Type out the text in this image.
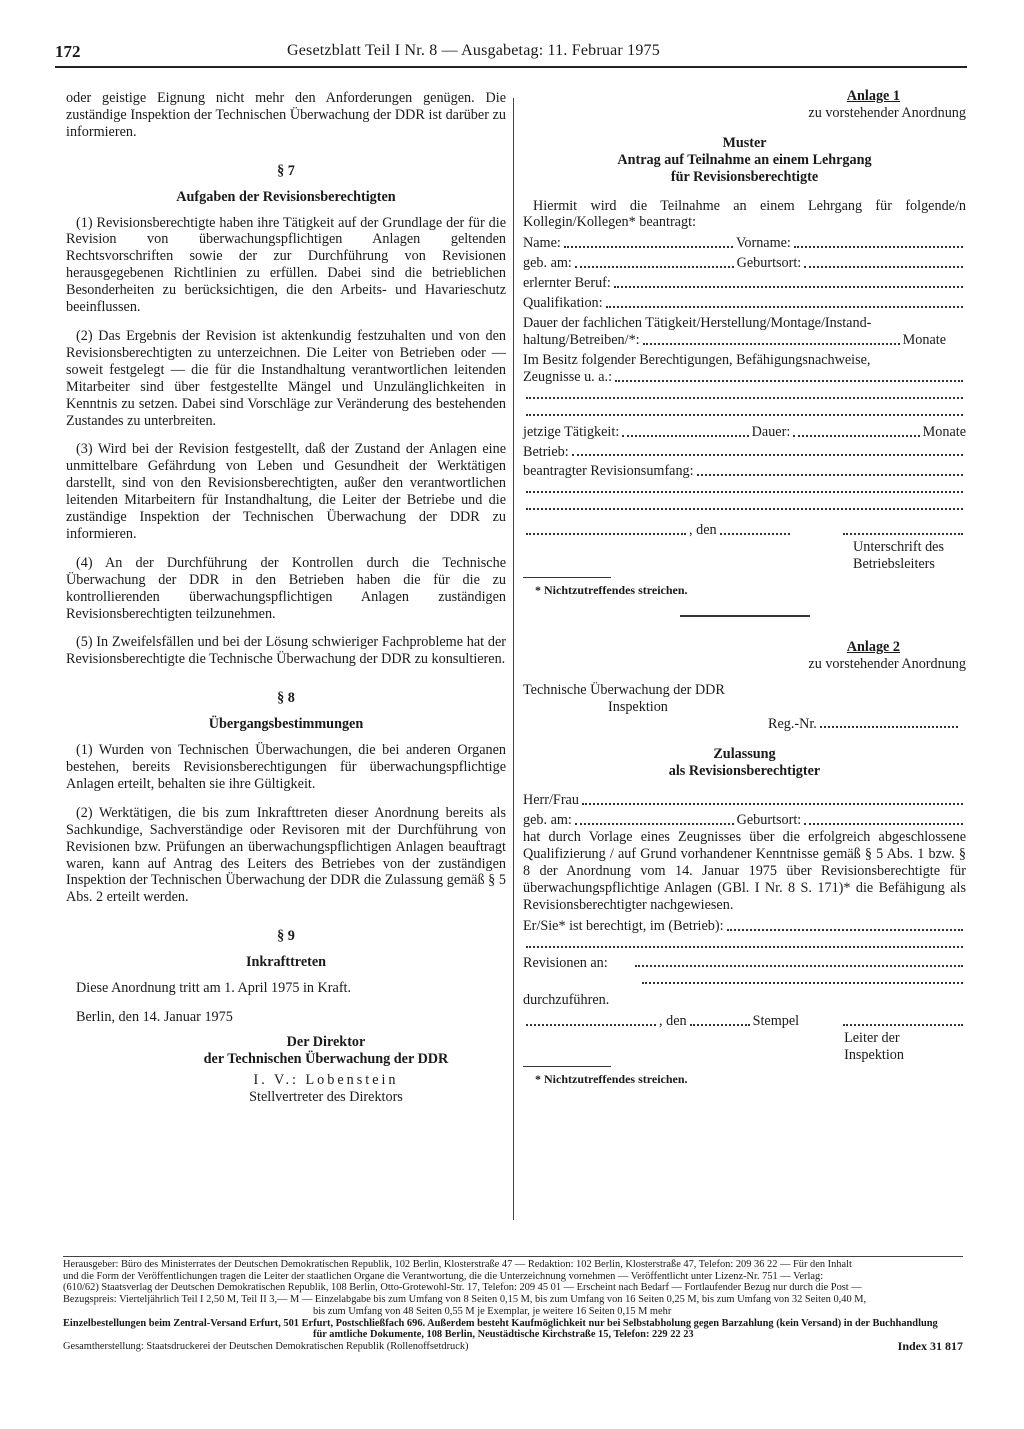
172	Gesetzblatt Teil I Nr. 8 — Ausgabetag: 11. Februar 1975

oder geistige Eignung nicht mehr den Anforderungen genügen. Die zuständige Inspektion der Technischen Überwachung der DDR ist darüber zu informieren.

§ 7

Aufgaben der Revisionsberechtigten

(1) Revisionsberechtigte haben ihre Tätigkeit auf der Grundlage der für die Revision von überwachungspflichtigen Anlagen geltenden Rechtsvorschriften sowie der zur Durchführung von Revisionen herausgegebenen Richtlinien zu erfüllen. Dabei sind die betrieblichen Besonderheiten zu berücksichtigen, die den Arbeits- und Havarieschutz beeinflussen.

(2) Das Ergebnis der Revision ist aktenkundig festzuhalten und von den Revisionsberechtigten zu unterzeichnen. Die Leiter von Betrieben oder — soweit festgelegt — die für die Instandhaltung verantwortlichen leitenden Mitarbeiter sind über festgestellte Mängel und Unzulänglichkeiten in Kenntnis zu setzen. Dabei sind Vorschläge zur Veränderung des bestehenden Zustandes zu unterbreiten.

(3) Wird bei der Revision festgestellt, daß der Zustand der Anlagen eine unmittelbare Gefährdung von Leben und Gesundheit der Werktätigen darstellt, sind von den Revisionsberechtigten, außer den verantwortlichen leitenden Mitarbeitern für Instandhaltung, die Leiter der Betriebe und die zuständige Inspektion der Technischen Überwachung der DDR zu informieren.

(4) An der Durchführung der Kontrollen durch die Technische Überwachung der DDR in den Betrieben haben die für die zu kontrollierenden überwachungspflichtigen Anlagen zuständigen Revisionsberechtigten teilzunehmen.

(5) In Zweifelsfällen und bei der Lösung schwieriger Fachprobleme hat der Revisionsberechtigte die Technische Überwachung der DDR zu konsultieren.

§ 8

Übergangsbestimmungen

(1) Wurden von Technischen Überwachungen, die bei anderen Organen bestehen, bereits Revisionsberechtigungen für überwachungspflichtige Anlagen erteilt, behalten sie ihre Gültigkeit.

(2) Werktätigen, die bis zum Inkrafttreten dieser Anordnung bereits als Sachkundige, Sachverständige oder Revisoren mit der Durchführung von Revisionen bzw. Prüfungen an überwachungspflichtigen Anlagen beauftragt waren, kann auf Antrag des Leiters des Betriebes von der zuständigen Inspektion der Technischen Überwachung der DDR die Zulassung gemäß § 5 Abs. 2 erteilt werden.

§ 9

Inkrafttreten

Diese Anordnung tritt am 1. April 1975 in Kraft.

Berlin, den 14. Januar 1975

Der Direktor

der Technischen Überwachung der DDR

I. V.: Lobenstein

Stellvertreter des Direktors

Anlage 1

zu vorstehender Anordnung

Muster

Antrag auf Teilnahme an einem Lehrgang

für Revisionsberechtigte

Hiermit wird die Teilnahme an einem Lehrgang für folgende/n Kollegin/Kollegen* beantragt:

Name:	Vorname:
geb. am:	Geburtsort:
erlernter Beruf:
Qualifikation:

Dauer der fachlichen Tätigkeit/Herstellung/Montage/Instand-

haltung/Betreiben/*:	Monate

Im Besitz folgender Berechtigungen, Befähigungsnachweise,

Zeugnisse u. a.:
jetzige Tätigkeit:	Dauer:	Monate
Betrieb:
beantragter Revisionsumfang:
, den

Unterschrift des

Betriebsleiters

* Nichtzutreffendes streichen.

Anlage 2

zu vorstehender Anordnung

Technische Überwachung der DDR

Inspektion

Reg.-Nr.

Zulassung

als Revisionsberechtigter

Herr/Frau
geb. am:	Geburtsort:

hat durch Vorlage eines Zeugnisses über die erfolgreich abgeschlossene Qualifizierung / auf Grund vorhandener Kenntnisse gemäß § 5 Abs. 1 bzw. § 8 der Anordnung vom 14. Januar 1975 über Revisionsberechtigte für überwachungspflichtige Anlagen (GBl. I Nr. 8 S. 171)* die Befähigung als Revisionsberechtigter nachgewiesen.

Er/Sie* ist berechtigt, im (Betrieb):
Revisionen an:

durchzuführen.

, den	Stempel

Leiter der

Inspektion

* Nichtzutreffendes streichen.

Herausgeber: Büro des Ministerrates der Deutschen Demokratischen Republik, 102 Berlin, Klosterstraße 47 — Redaktion: 102 Berlin, Klosterstraße 47, Telefon: 209 36 22 — Für den Inhalt
und die Form der Veröffentlichungen tragen die Leiter der staatlichen Organe die Verantwortung, die die Unterzeichnung vornehmen — Veröffentlicht unter Lizenz-Nr. 751 — Verlag:
(610/62) Staatsverlag der Deutschen Demokratischen Republik, 108 Berlin, Otto-Grotewohl-Str. 17, Telefon: 209 45 01 — Erscheint nach Bedarf — Fortlaufender Bezug nur durch die Post —
Bezugspreis: Vierteljährlich Teil I 2,50 M, Teil II 3,— M — Einzelabgabe bis zum Umfang von 8 Seiten 0,15 M, bis zum Umfang von 16 Seiten 0,25 M, bis zum Umfang von 32 Seiten 0,40 M,
bis zum Umfang von 48 Seiten 0,55 M je Exemplar, je weitere 16 Seiten 0,15 M mehr
Einzelbestellungen beim Zentral-Versand Erfurt, 501 Erfurt, Postschließfach 696. Außerdem besteht Kaufmöglichkeit nur bei Selbstabholung gegen Barzahlung (kein Versand) in der Buchhandlung
für amtliche Dokumente, 108 Berlin, Neustädtische Kirchstraße 15, Telefon: 229 22 23
Gesamtherstellung: Staatsdruckerei der Deutschen Demokratischen Republik (Rollenoffsetdruck)	Index 31 817
